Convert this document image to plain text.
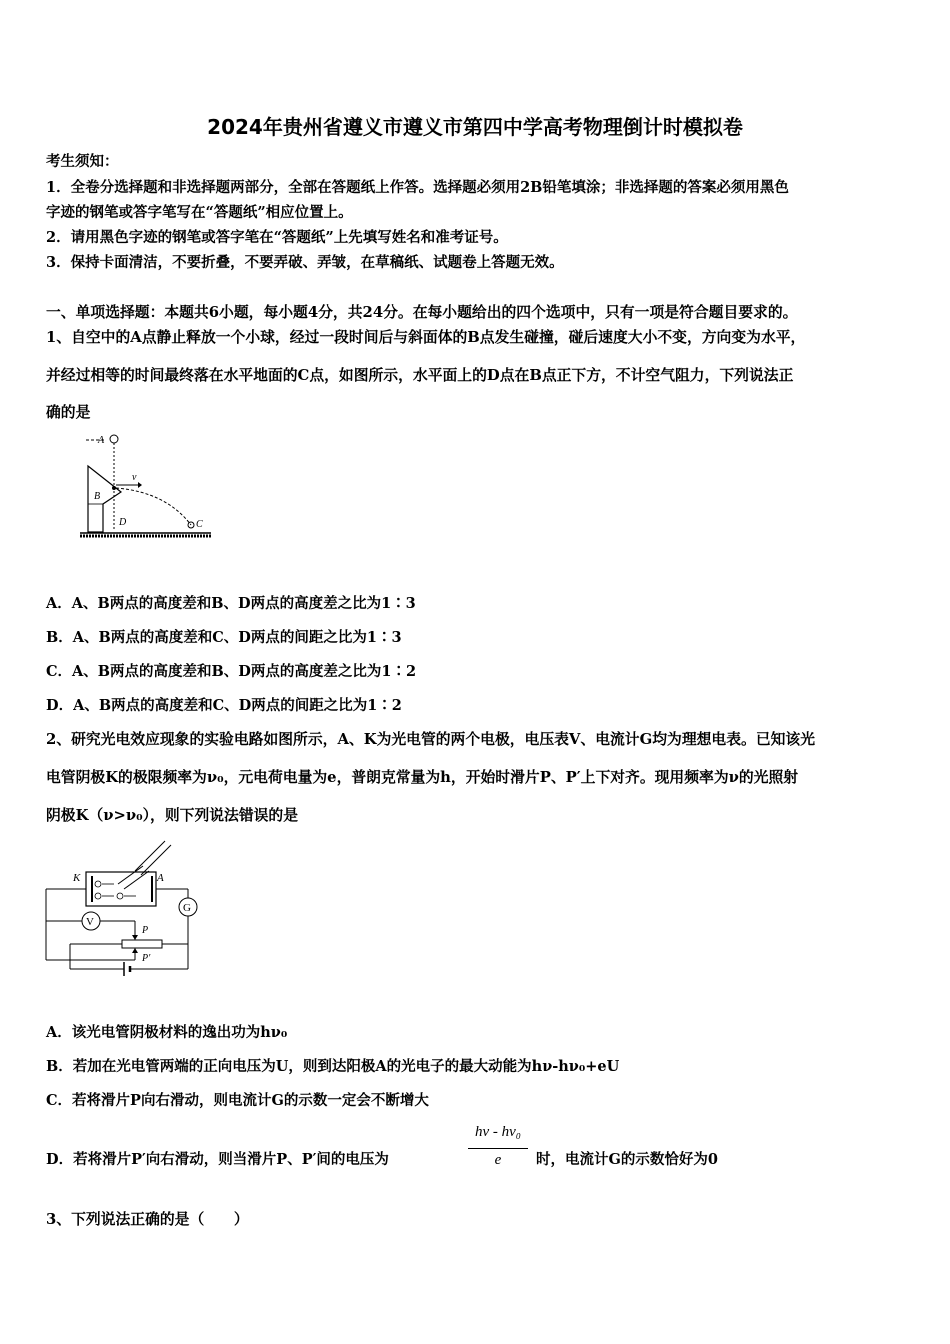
2024年贵州省遵义市遵义市第四中学高考物理倒计时模拟卷
考生须知：
1．全卷分选择题和非选择题两部分，全部在答题纸上作答。选择题必须用2B铅笔填涂；非选择题的答案必须用黑色
字迹的钢笔或答字笔写在“答题纸”相应位置上。
2．请用黑色字迹的钢笔或答字笔在“答题纸”上先填写姓名和准考证号。
3．保持卡面清洁，不要折叠，不要弄破、弄皱，在草稿纸、试题卷上答题无效。
一、单项选择题：本题共6小题，每小题4分，共24分。在每小题给出的四个选项中，只有一项是符合题目要求的。
1、自空中的A点静止释放一个小球，经过一段时间后与斜面体的B点发生碰撞，碰后速度大小不变，方向变为水平，
并经过相等的时间最终落在水平地面的C点，如图所示，水平面上的D点在B点正下方，不计空气阻力，下列说法正
确的是
A
B
v
C
D
A．A、B两点的高度差和B、D两点的高度差之比为1∶3
B．A、B两点的高度差和C、D两点的间距之比为1∶3
C．A、B两点的高度差和B、D两点的高度差之比为1∶2
D．A、B两点的高度差和C、D两点的间距之比为1∶2
2、研究光电效应现象的实验电路如图所示，A、K为光电管的两个电极，电压表V、电流计G均为理想电表。已知该光
电管阴极K的极限频率为ν₀，元电荷电量为e，普朗克常量为h，开始时滑片P、P′上下对齐。现用频率为ν的光照射
阴极K（ν>ν₀），则下列说法错误的是
K	A
G
V
P
P′
A．该光电管阴极材料的逸出功为hν₀
B．若加在光电管两端的正向电压为U，则到达阳极A的光电子的最大动能为hν-hν₀+eU
C．若将滑片P向右滑动，则电流计G的示数一定会不断增大
D．若将滑片P′向右滑动，则当滑片P、P′间的电压为
hν - hν₀
e	时，电流计G的示数恰好为0
3、下列说法正确的是（　　）
